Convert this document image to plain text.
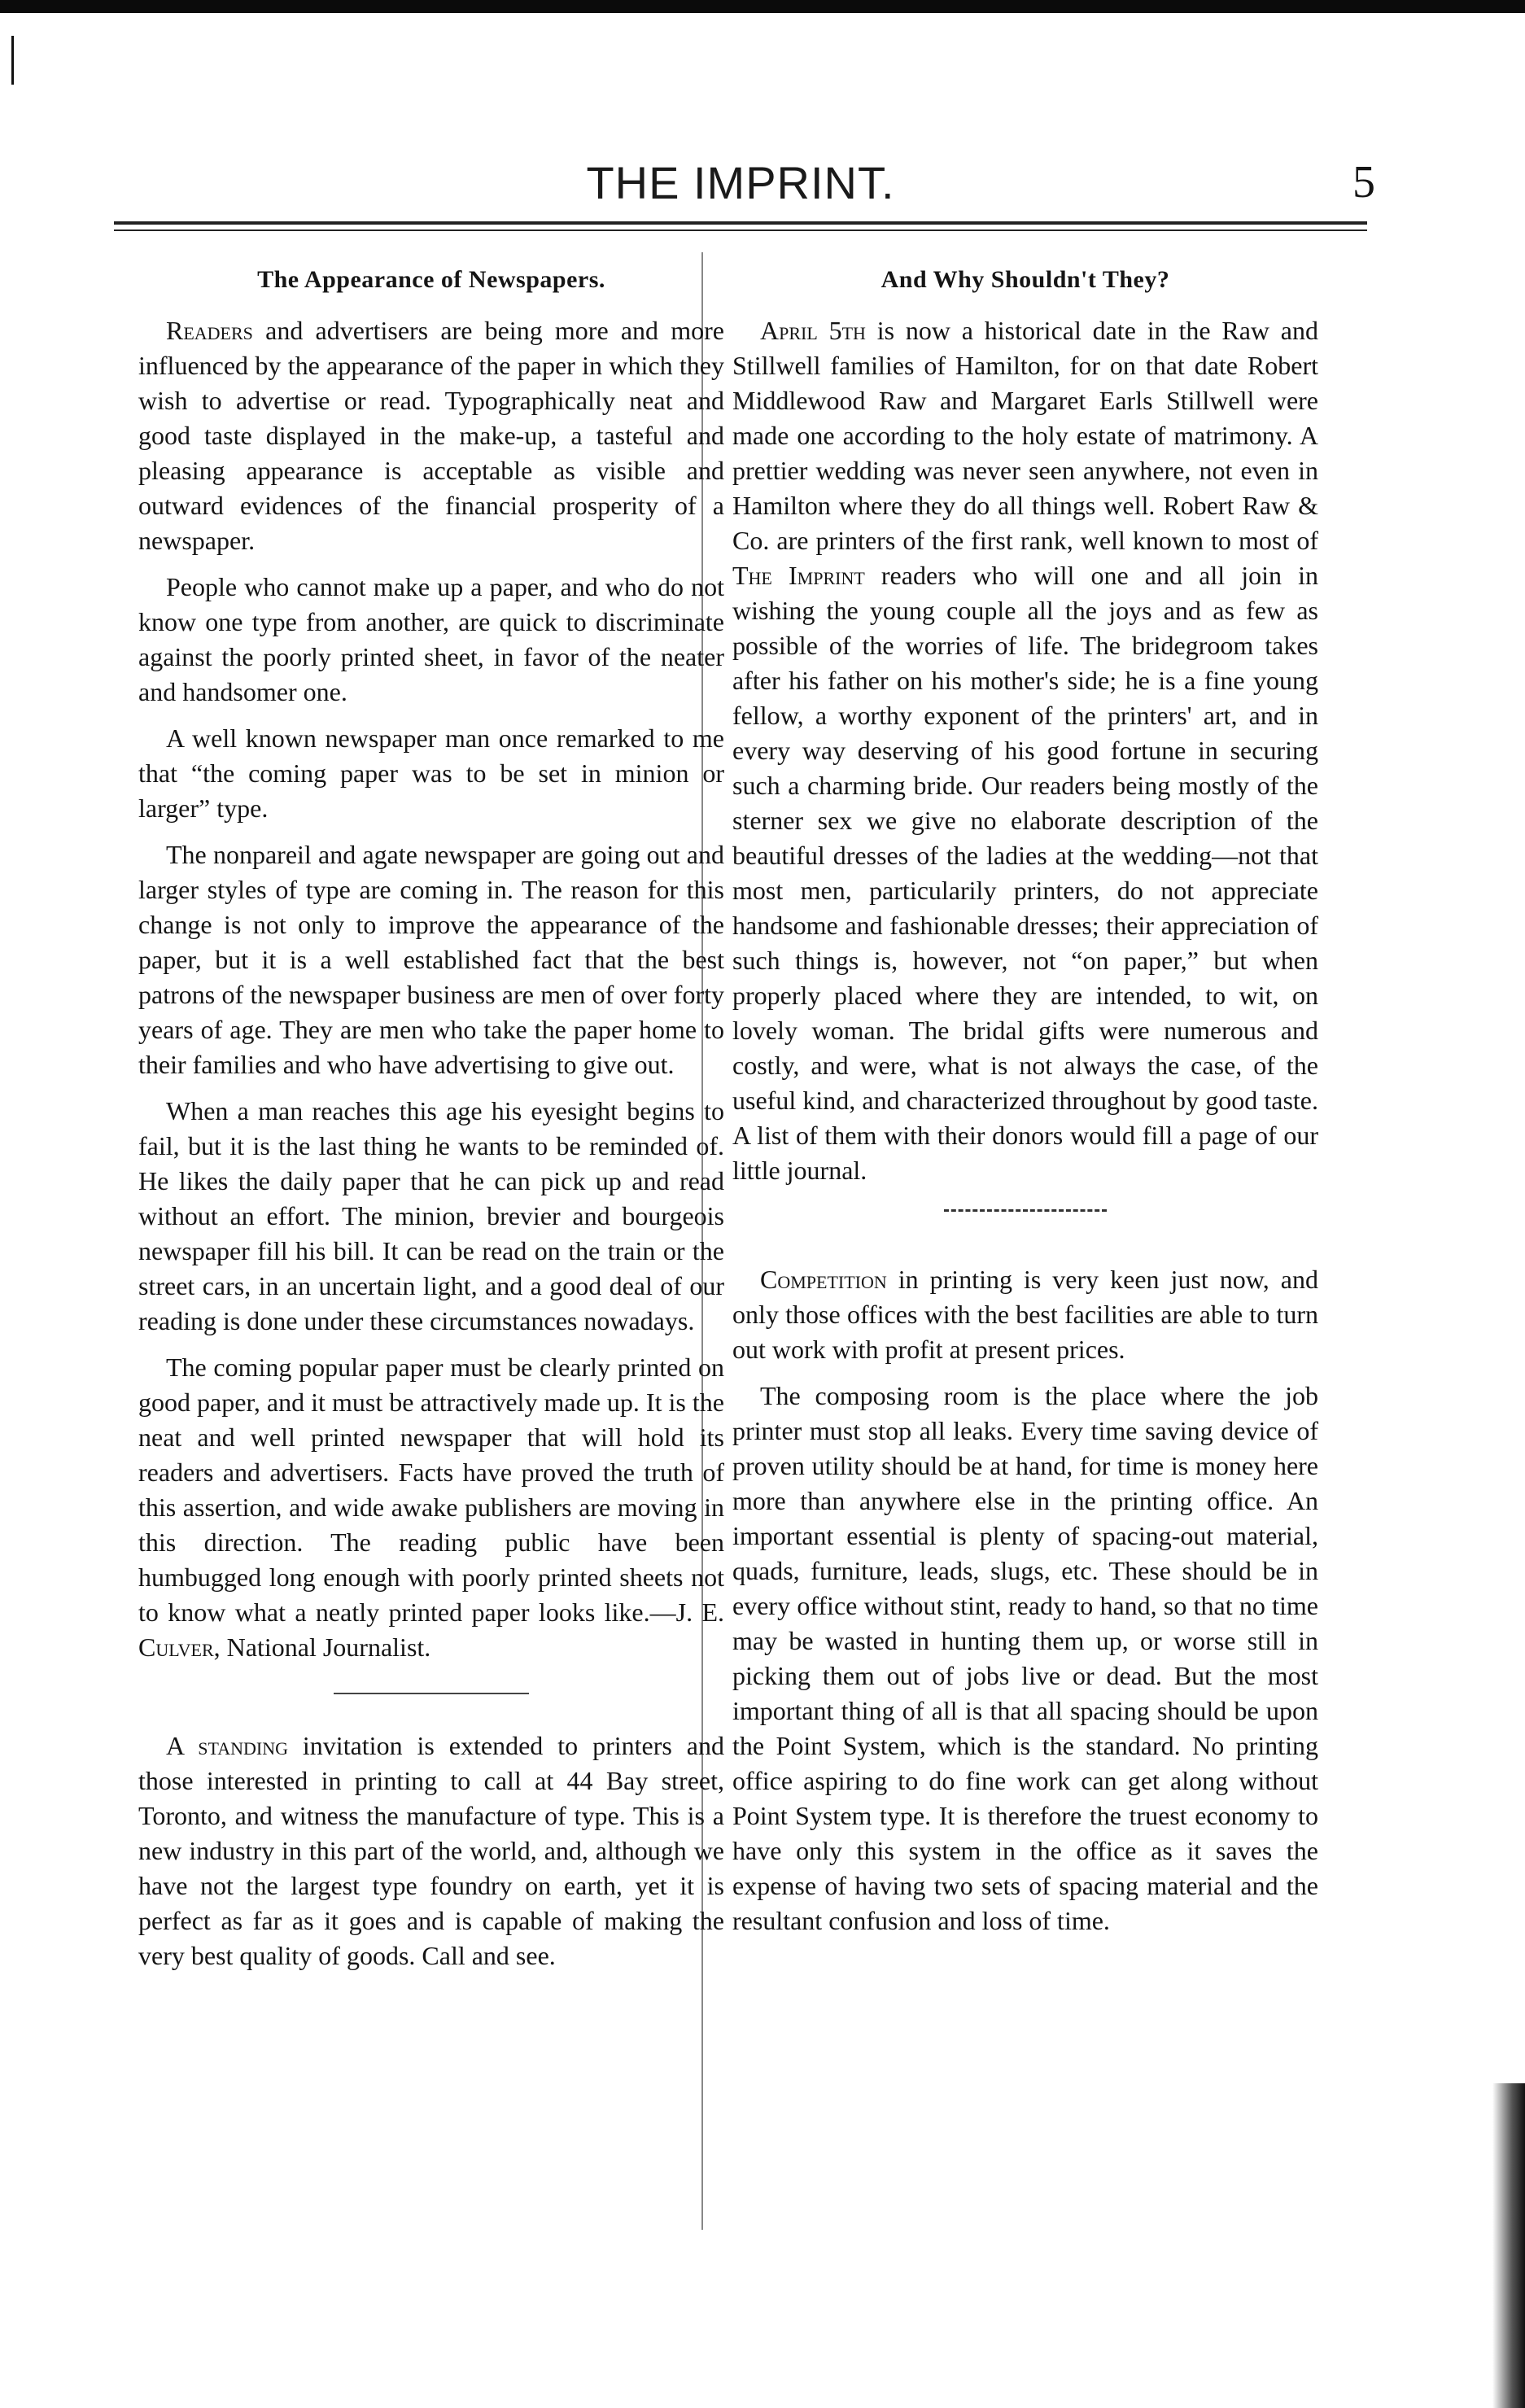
THE IMPRINT.	5
The Appearance of Newspapers.

Readers and advertisers are being more and more influenced by the appearance of the paper in which they wish to advertise or read. Typographically neat and good taste displayed in the make-up, a tasteful and pleasing appearance is acceptable as visible and outward evidences of the financial prosperity of a newspaper.

People who cannot make up a paper, and who do not know one type from another, are quick to discriminate against the poorly printed sheet, in favor of the neater and handsomer one.

A well known newspaper man once remarked to me that “the coming paper was to be set in minion or larger” type.

The nonpareil and agate newspaper are going out and larger styles of type are coming in. The reason for this change is not only to improve the appearance of the paper, but it is a well established fact that the best patrons of the newspaper business are men of over forty years of age. They are men who take the paper home to their families and who have advertising to give out.

When a man reaches this age his eyesight begins to fail, but it is the last thing he wants to be reminded of. He likes the daily paper that he can pick up and read without an effort. The minion, brevier and bourgeois newspaper fill his bill. It can be read on the train or the street cars, in an uncertain light, and a good deal of our reading is done under these circumstances nowadays.

The coming popular paper must be clearly printed on good paper, and it must be attractively made up. It is the neat and well printed newspaper that will hold its readers and advertisers. Facts have proved the truth of this assertion, and wide awake publishers are moving in this direction. The reading public have been humbugged long enough with poorly printed sheets not to know what a neatly printed paper looks like.—J. E. Culver, National Journalist.

A standing invitation is extended to printers and those interested in printing to call at 44 Bay street, Toronto, and witness the manufacture of type. This is a new industry in this part of the world, and, although we have not the largest type foundry on earth, yet it is perfect as far as it goes and is capable of making the very best quality of goods. Call and see.

And Why Shouldn't They?

April 5th is now a historical date in the Raw and Stillwell families of Hamilton, for on that date Robert Middlewood Raw and Margaret Earls Stillwell were made one according to the holy estate of matrimony. A prettier wedding was never seen anywhere, not even in Hamilton where they do all things well. Robert Raw & Co. are printers of the first rank, well known to most of The Imprint readers who will one and all join in wishing the young couple all the joys and as few as possible of the worries of life. The bridegroom takes after his father on his mother's side; he is a fine young fellow, a worthy exponent of the printers' art, and in every way deserving of his good fortune in securing such a charming bride. Our readers being mostly of the sterner sex we give no elaborate description of the beautiful dresses of the ladies at the wedding—not that most men, particularily printers, do not appreciate handsome and fashionable dresses; their appreciation of such things is, however, not “on paper,” but when properly placed where they are intended, to wit, on lovely woman. The bridal gifts were numerous and costly, and were, what is not always the case, of the useful kind, and characterized throughout by good taste. A list of them with their donors would fill a page of our little journal.

Competition in printing is very keen just now, and only those offices with the best facilities are able to turn out work with profit at present prices.

The composing room is the place where the job printer must stop all leaks. Every time saving device of proven utility should be at hand, for time is money here more than anywhere else in the printing office. An important essential is plenty of spacing-out material, quads, furniture, leads, slugs, etc. These should be in every office without stint, ready to hand, so that no time may be wasted in hunting them up, or worse still in picking them out of jobs live or dead. But the most important thing of all is that all spacing should be upon the Point System, which is the standard. No printing office aspiring to do fine work can get along without Point System type. It is therefore the truest economy to have only this system in the office as it saves the expense of having two sets of spacing material and the resultant confusion and loss of time.
